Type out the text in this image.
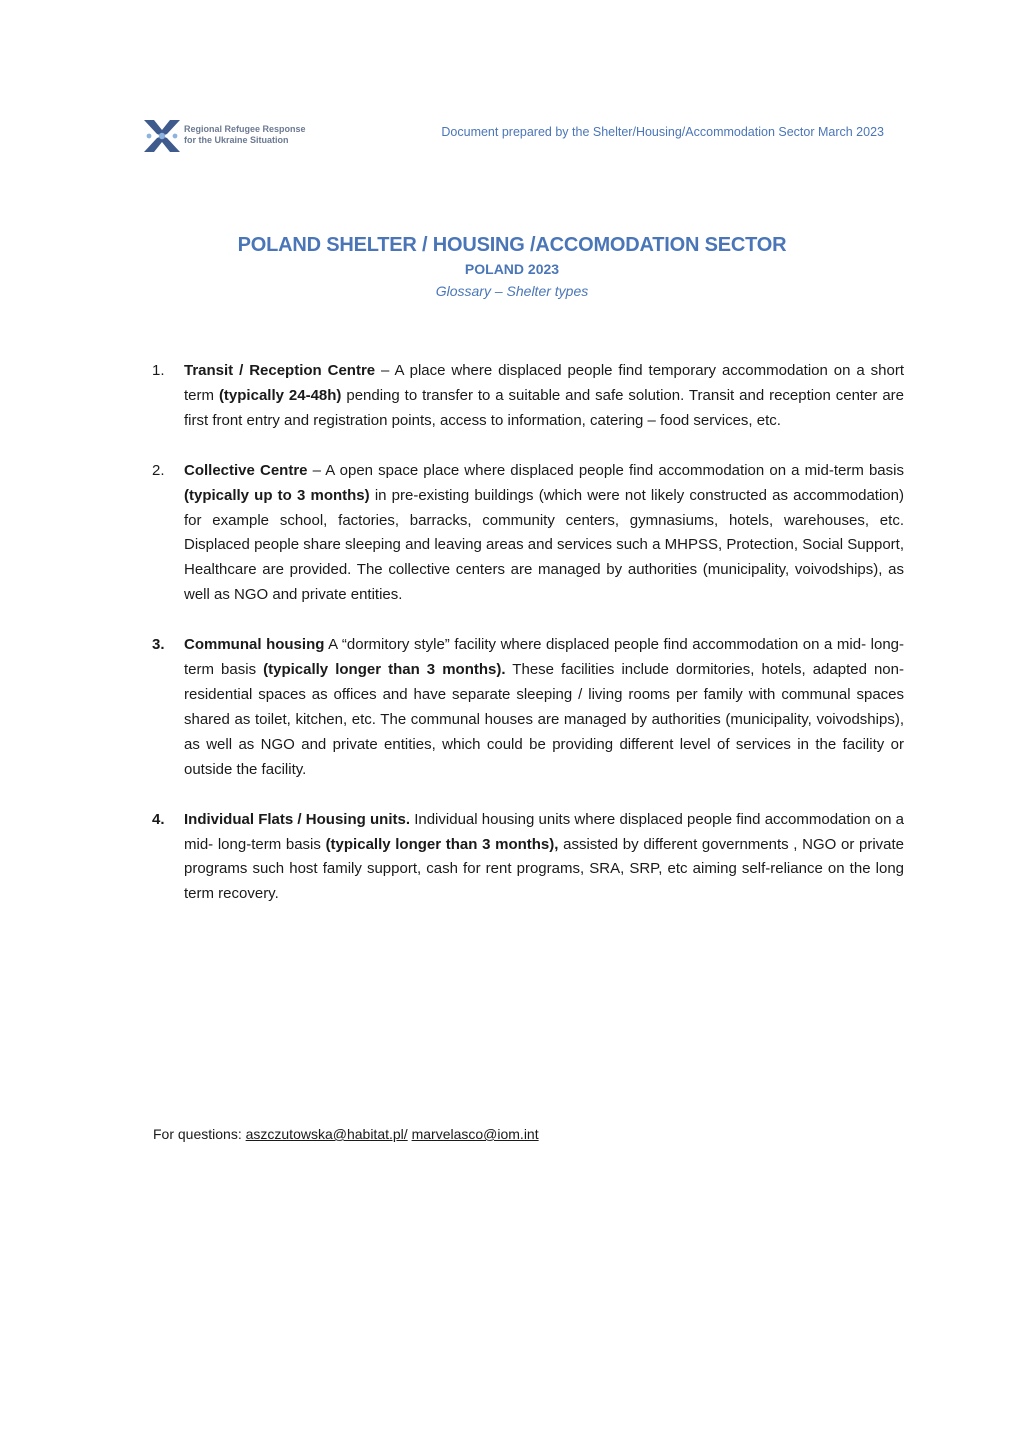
Regional Refugee Response
for the Ukraine Situation
Document prepared by the Shelter/Housing/Accommodation Sector March 2023
POLAND SHELTER / HOUSING /ACCOMODATION SECTOR
POLAND 2023
Glossary – Shelter types
1. Transit / Reception Centre – A place where displaced people find temporary accommodation on a short term (typically 24-48h) pending to transfer to a suitable and safe solution. Transit and reception center are first front entry and registration points, access to information, catering – food services, etc.
2. Collective Centre – A open space place where displaced people find accommodation on a mid-term basis (typically up to 3 months) in pre-existing buildings (which were not likely constructed as accommodation) for example school, factories, barracks, community centers, gymnasiums, hotels, warehouses, etc. Displaced people share sleeping and leaving areas and services such a MHPSS, Protection, Social Support, Healthcare are provided. The collective centers are managed by authorities (municipality, voivodships), as well as NGO and private entities.
3. Communal housing A “dormitory style” facility where displaced people find accommodation on a mid- long-term basis (typically longer than 3 months). These facilities include dormitories, hotels, adapted non-residential spaces as offices and have separate sleeping / living rooms per family with communal spaces shared as toilet, kitchen, etc. The communal houses are managed by authorities (municipality, voivodships), as well as NGO and private entities, which could be providing different level of services in the facility or outside the facility.
4. Individual Flats / Housing units. Individual housing units where displaced people find accommodation on a mid- long-term basis (typically longer than 3 months), assisted by different governments , NGO or private programs such host family support, cash for rent programs, SRA, SRP, etc aiming self-reliance on the long term recovery.
For questions: aszczutowska@habitat.pl/ marvelasco@iom.int
